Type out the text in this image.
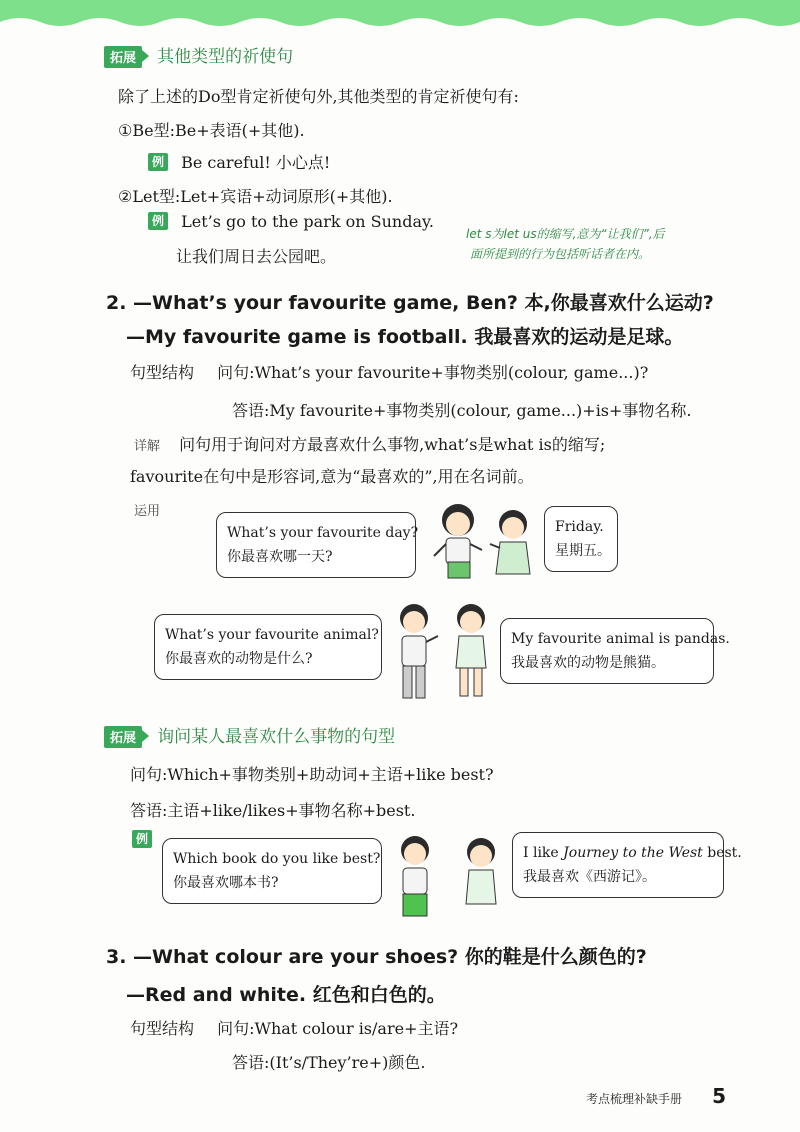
拓展 其他类型的祈使句
除了上述的Do型肯定祈使句外,其他类型的肯定祈使句有:
①Be型:Be+表语(+其他).
例 Be careful! 小心点!
②Let型:Let+宾语+动词原形(+其他).
例 Let’s go to the park on Sunday.
让我们周日去公园吧。
let s为let us的缩写,意为“让我们”,后
面所提到的行为包括听话者在内。
2. —What’s your favourite game, Ben? 本,你最喜欢什么运动?
—My favourite game is football. 我最喜欢的运动是足球。
句型结构 问句:What’s your favourite+事物类别(colour, game...)?
答语:My favourite+事物类别(colour, game...)+is+事物名称.
详解 问句用于询问对方最喜欢什么事物,what’s是what is的缩写;
favourite在句中是形容词,意为“最喜欢的”,用在名词前。
运用
What’s your favourite day?
你最喜欢哪一天?
Friday.
星期五。
What’s your favourite animal?
你最喜欢的动物是什么?
My favourite animal is pandas.
我最喜欢的动物是熊猫。
拓展 询问某人最喜欢什么事物的句型
问句:Which+事物类别+助动词+主语+like best?
答语:主语+like/likes+事物名称+best.
例
Which book do you like best?
你最喜欢哪本书?
I like Journey to the West best.
我最喜欢《西游记》。
3. —What colour are your shoes? 你的鞋是什么颜色的?
—Red and white. 红色和白色的。
句型结构 问句:What colour is/are+主语?
答语:(It’s/They’re+)颜色.
考点梳理补缺手册 5
